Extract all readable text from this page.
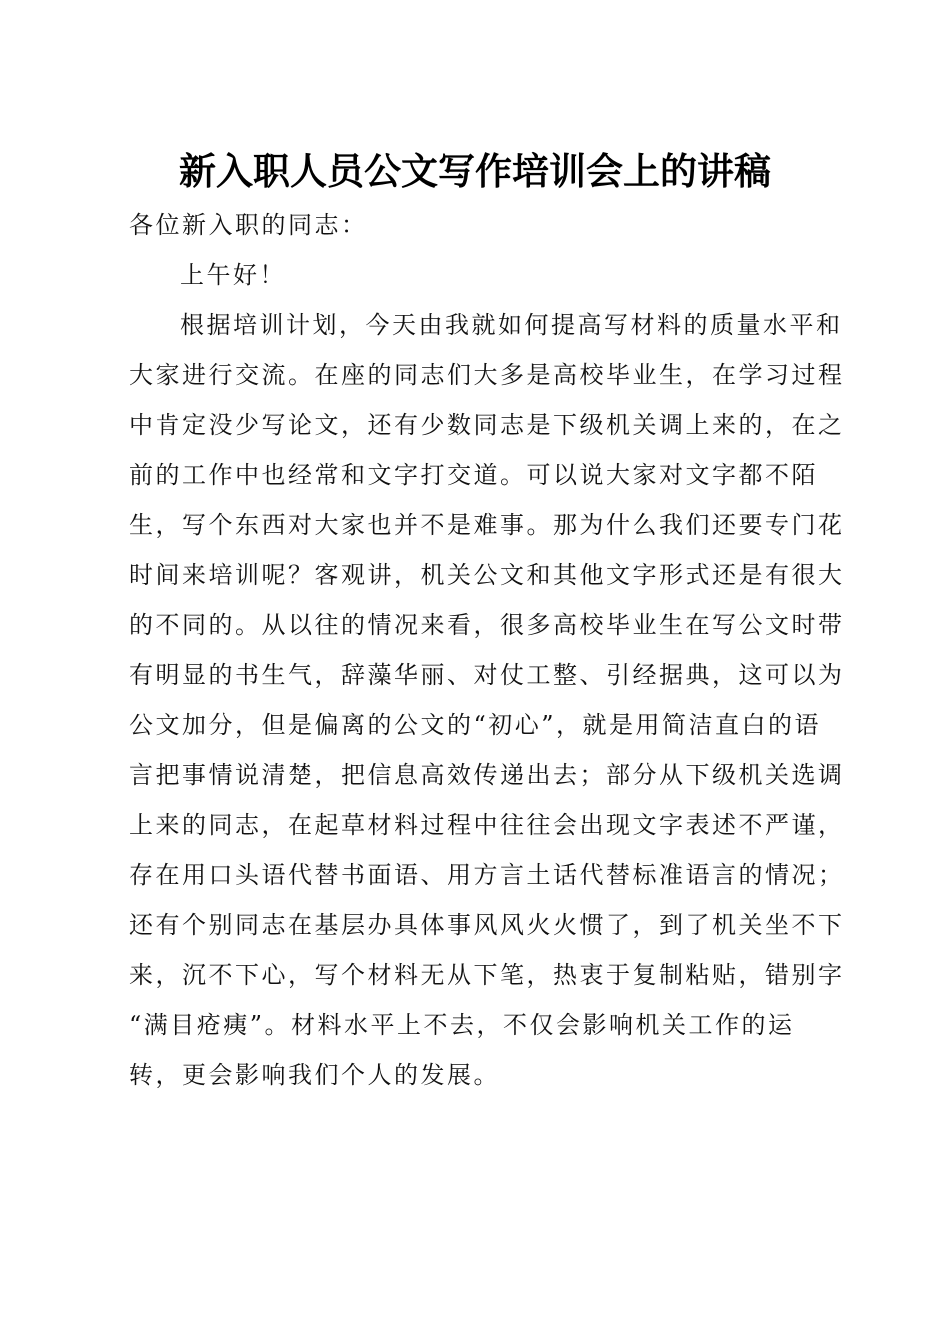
新入职人员公文写作培训会上的讲稿

各位新入职的同志：

上午好！

根据培训计划，今天由我就如何提高写材料的质量水平和
大家进行交流。在座的同志们大多是高校毕业生，在学习过程
中肯定没少写论文，还有少数同志是下级机关调上来的，在之
前的工作中也经常和文字打交道。可以说大家对文字都不陌
生，写个东西对大家也并不是难事。那为什么我们还要专门花
时间来培训呢？客观讲，机关公文和其他文字形式还是有很大
的不同的。从以往的情况来看，很多高校毕业生在写公文时带
有明显的书生气，辞藻华丽、对仗工整、引经据典，这可以为
公文加分，但是偏离的公文的“初心”，就是用简洁直白的语
言把事情说清楚，把信息高效传递出去；部分从下级机关选调
上来的同志，在起草材料过程中往往会出现文字表述不严谨，
存在用口头语代替书面语、用方言土话代替标准语言的情况；
还有个别同志在基层办具体事风风火火惯了，到了机关坐不下
来，沉不下心，写个材料无从下笔，热衷于复制粘贴，错别字
“满目疮痍”。材料水平上不去，不仅会影响机关工作的运
转，更会影响我们个人的发展。
